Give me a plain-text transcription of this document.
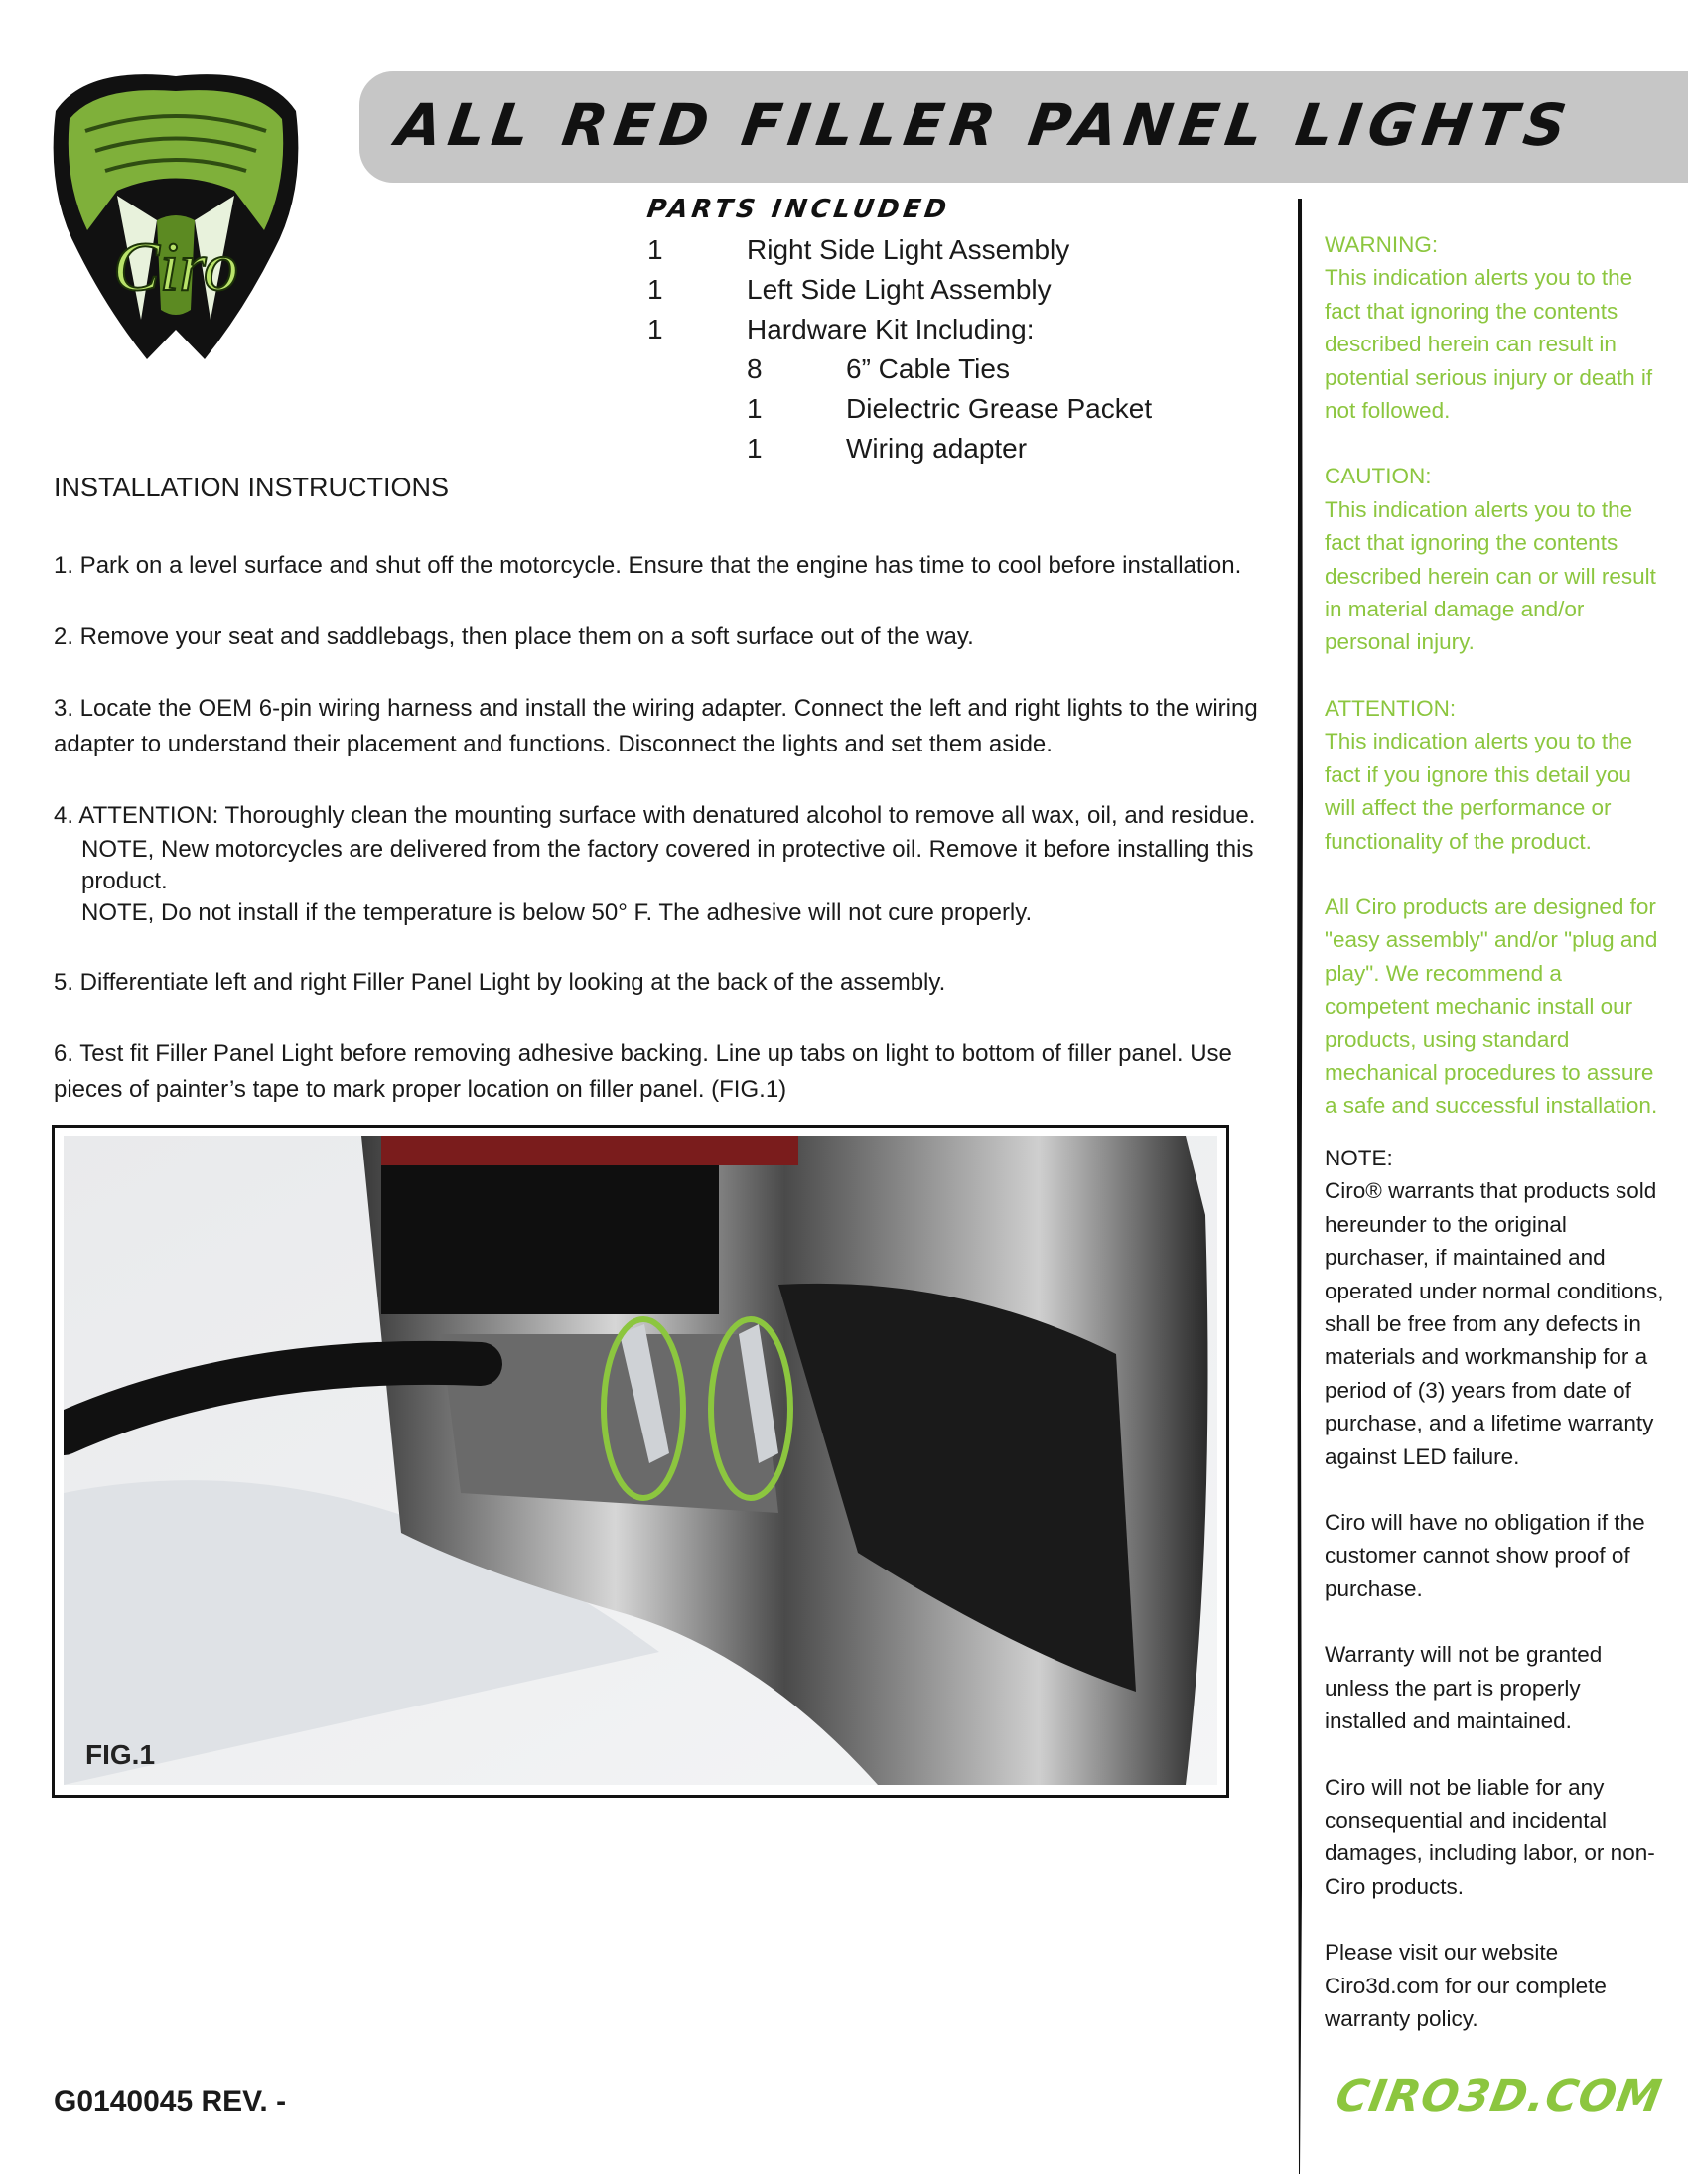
Ciro
ALL RED FILLER PANEL LIGHTS
PARTS INCLUDED
1	Right Side Light Assembly
1	Left Side Light Assembly
1	Hardware Kit Including:
8	6” Cable Ties
1	Dielectric Grease Packet
1	Wiring adapter
INSTALLATION INSTRUCTIONS
1. Park on a level surface and shut off the motorcycle. Ensure that the engine has time to cool before installation.
2. Remove your seat and saddlebags, then place them on a soft surface out of the way.
3. Locate the OEM 6-pin wiring harness and install the wiring adapter. Connect the left and right lights to the wiring adapter to understand their placement and functions. Disconnect the lights and set them aside.
4. ATTENTION: Thoroughly clean the mounting surface with denatured alcohol to remove all wax, oil, and residue.
NOTE, New motorcycles are delivered from the factory covered in protective oil. Remove it before installing this product.
NOTE, Do not install if the temperature is below 50° F. The adhesive will not cure properly.
5. Differentiate left and right Filler Panel Light by looking at the back of the assembly.
6. Test fit Filler Panel Light before removing adhesive backing. Line up tabs on light to bottom of filler panel. Use pieces of painter’s tape to mark proper location on filler panel. (FIG.1)
FIG.1

WARNING:

This indication alerts you to the fact that ignoring the contents described herein can result in potential serious injury or death if not followed.

CAUTION:

This indication alerts you to the fact that ignoring the contents described herein can or will result in material damage and/or personal injury.

ATTENTION:

This indication alerts you to the fact if you ignore this detail you will affect the performance or functionality of the product.

All Ciro products are designed for "easy assembly" and/or "plug and play". We recommend a competent mechanic install our products, using standard mechanical procedures to assure a safe and successful installation.

NOTE:

Ciro® warrants that products sold hereunder to the original purchaser, if maintained and operated under normal conditions, shall be free from any defects in materials and workmanship for a period of (3) years from date of purchase, and a lifetime warranty against LED failure.

Ciro will have no obligation if the customer cannot show proof of purchase.

Warranty will not be granted unless the part is properly installed and maintained.

Ciro will not be liable for any consequential and incidental damages, including labor, or non-Ciro products.

Please visit our website Ciro3d.com for our complete warranty policy.

G0140045 REV. -	CIRO3D.COM
